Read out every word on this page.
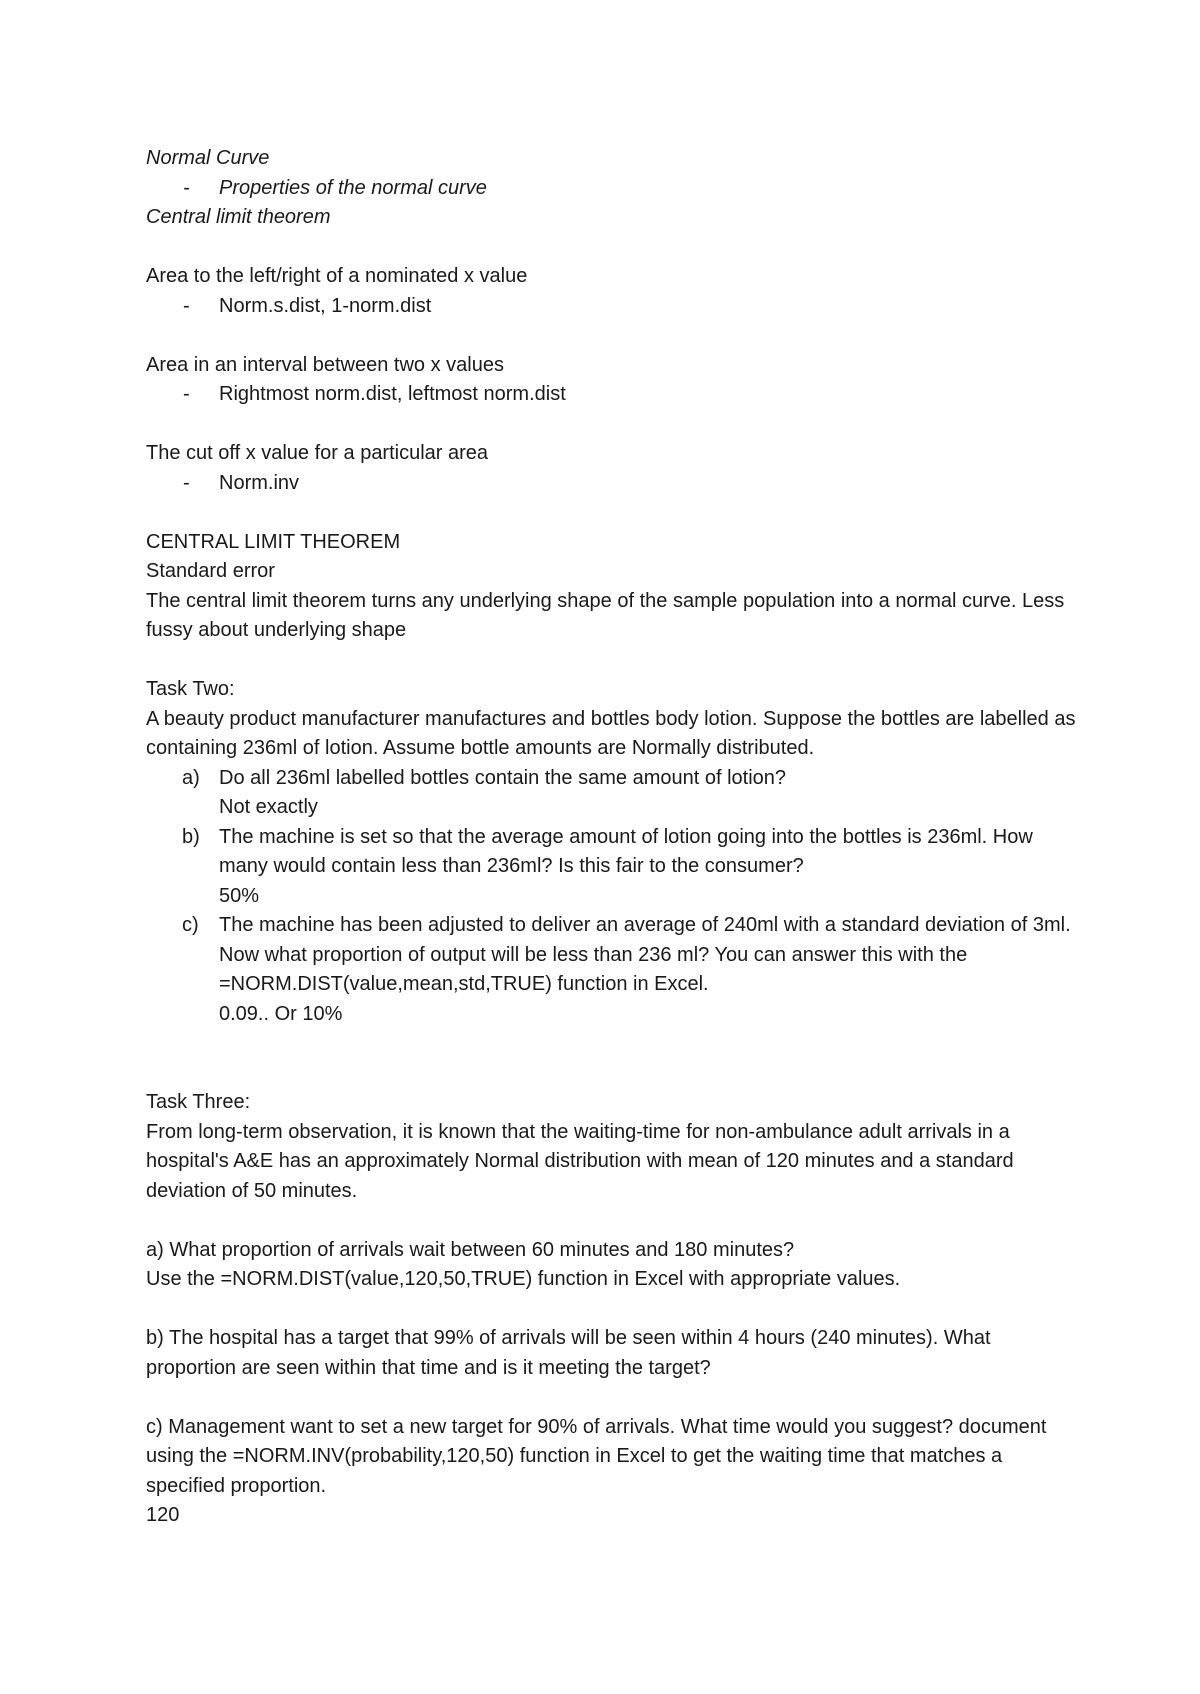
Normal Curve

-	Properties of the normal curve

Central limit theorem

Area to the left/right of a nominated x value

-	Norm.s.dist, 1-norm.dist

Area in an interval between two x values

-	Rightmost norm.dist, leftmost norm.dist

The cut off x value for a particular area

-	Norm.inv

CENTRAL LIMIT THEOREM

Standard error

The central limit theorem turns any underlying shape of the sample population into a normal curve. Less fussy about underlying shape

Task Two:

A beauty product manufacturer manufactures and bottles body lotion. Suppose the bottles are labelled as containing 236ml of lotion. Assume bottle amounts are Normally distributed.

a) Do all 236ml labelled bottles contain the same amount of lotion?
Not exactly
b) The machine is set so that the average amount of lotion going into the bottles is 236ml. How many would contain less than 236ml? Is this fair to the consumer?
50%
c)	The machine has been adjusted to deliver an average of 240ml with a standard deviation of 3ml. Now what proportion of output will be less than 236 ml? You can answer this with the =NORM.DIST(value,mean,std,TRUE) function in Excel.
0.09.. Or 10%

Task Three:

From long-term observation, it is known that the waiting-time for non-ambulance adult arrivals in a hospital's A&E has an approximately Normal distribution with mean of 120 minutes and a standard deviation of 50 minutes.

a) What proportion of arrivals wait between 60 minutes and 180 minutes?

Use the =NORM.DIST(value,120,50,TRUE) function in Excel with appropriate values.

b) The hospital has a target that 99% of arrivals will be seen within 4 hours (240 minutes). What proportion are seen within that time and is it meeting the target?

c) Management want to set a new target for 90% of arrivals. What time would you suggest? document using the =NORM.INV(probability,120,50) function in Excel to get the waiting time that matches a specified proportion.

120
